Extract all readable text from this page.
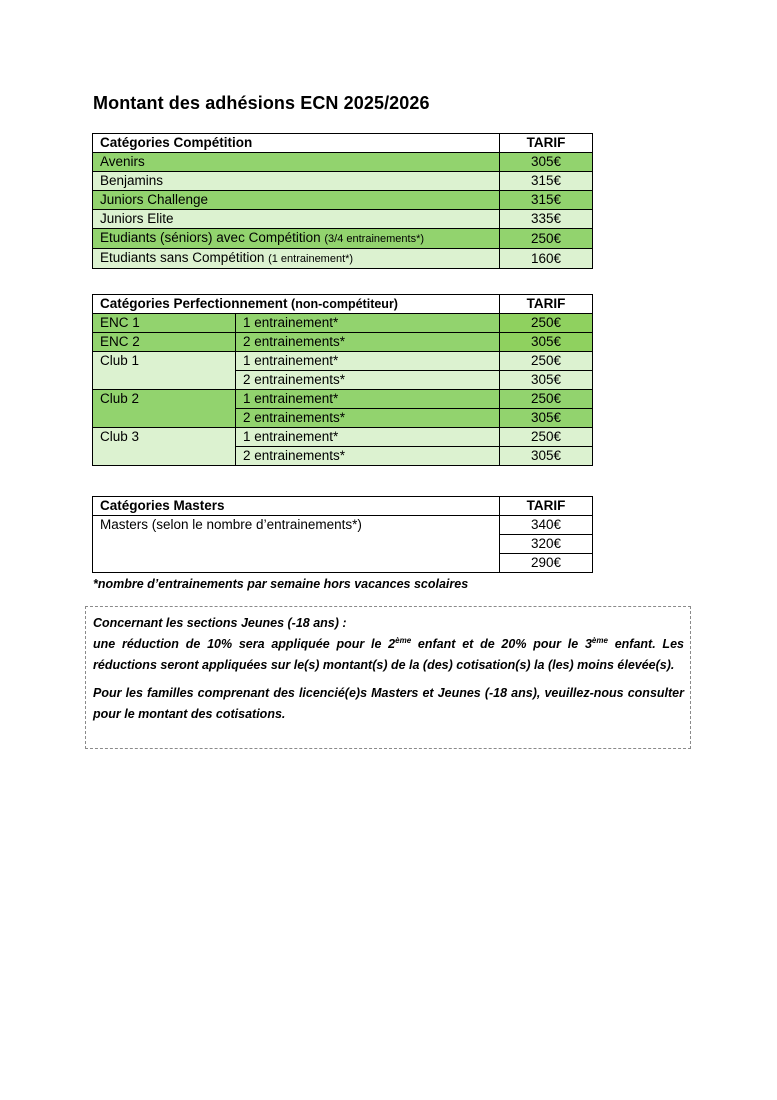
Montant des adhésions ECN 2025/2026
Catégories Compétition	TARIF
Avenirs	305€
Benjamins	315€
Juniors Challenge	315€
Juniors Elite	335€
Etudiants (séniors) avec Compétition (3/4 entrainements*)	250€
Etudiants sans Compétition (1 entrainement*)	160€
Catégories Perfectionnement (non-compétiteur)		TARIF
ENC 1	1 entrainement*	250€
ENC 2	2 entrainements*	305€
Club 1	1 entrainement*	250€
	2 entrainements*	305€
Club 2	1 entrainement*	250€
	2 entrainements*	305€
Club 3	1 entrainement*	250€
	2 entrainements*	305€
Catégories Masters	TARIF
Masters (selon le nombre d’entrainements*)	340€
	320€
	290€
*nombre d’entrainements par semaine hors vacances scolaires

Concernant les sections Jeunes (-18 ans) :
une réduction de 10% sera appliquée pour le 2ème enfant et de 20% pour le 3ème enfant. Les réductions seront appliquées sur le(s) montant(s) de la (des) cotisation(s) la (les) moins élevée(s).

Pour les familles comprenant des licencié(e)s Masters et Jeunes (-18 ans), veuillez-nous consulter pour le montant des cotisations.
